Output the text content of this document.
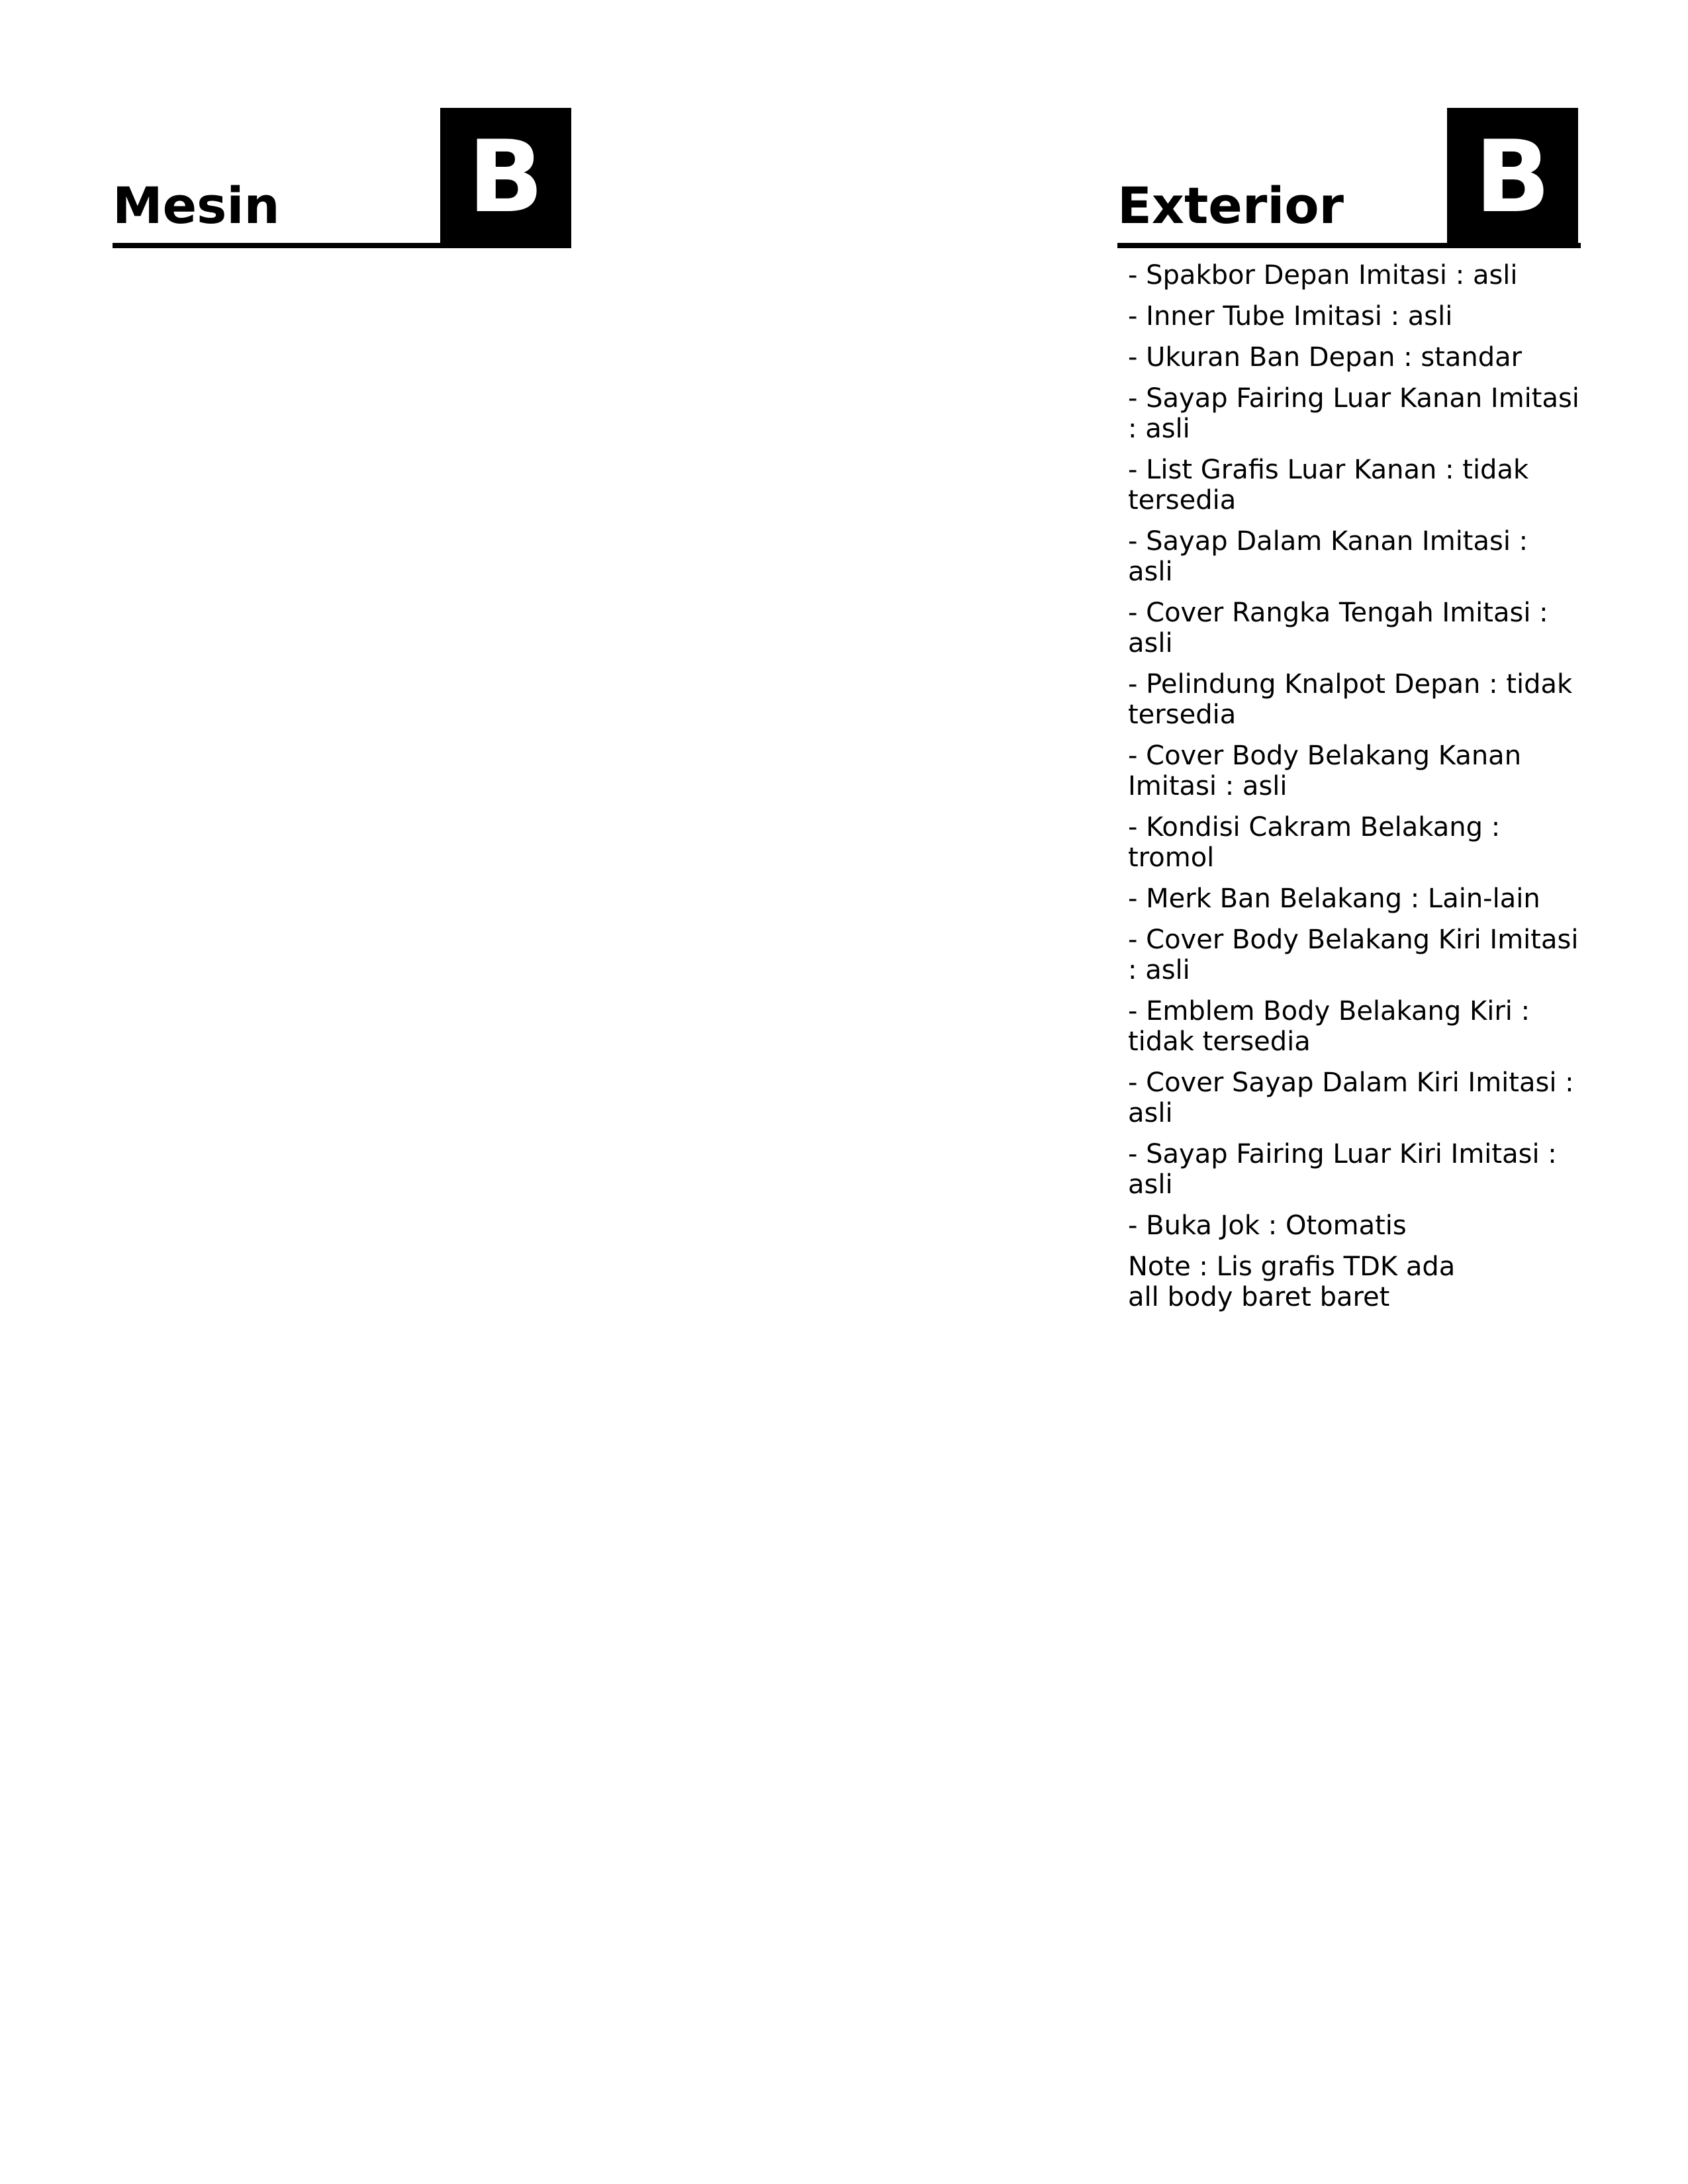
Mesin B	Exterior B
- Spakbor Depan Imitasi : asli
- Inner Tube Imitasi : asli
- Ukuran Ban Depan : standar
- Sayap Fairing Luar Kanan Imitasi : asli
- List Grafis Luar Kanan : tidak tersedia
- Sayap Dalam Kanan Imitasi : asli
- Cover Rangka Tengah Imitasi : asli
- Pelindung Knalpot Depan : tidak tersedia
- Cover Body Belakang Kanan Imitasi : asli
- Kondisi Cakram Belakang : tromol
- Merk Ban Belakang : Lain-lain
- Cover Body Belakang Kiri Imitasi : asli
- Emblem Body Belakang Kiri : tidak tersedia
- Cover Sayap Dalam Kiri Imitasi : asli
- Sayap Fairing Luar Kiri Imitasi : asli
- Buka Jok : Otomatis
Note : Lis grafis TDK ada
all body baret baret
